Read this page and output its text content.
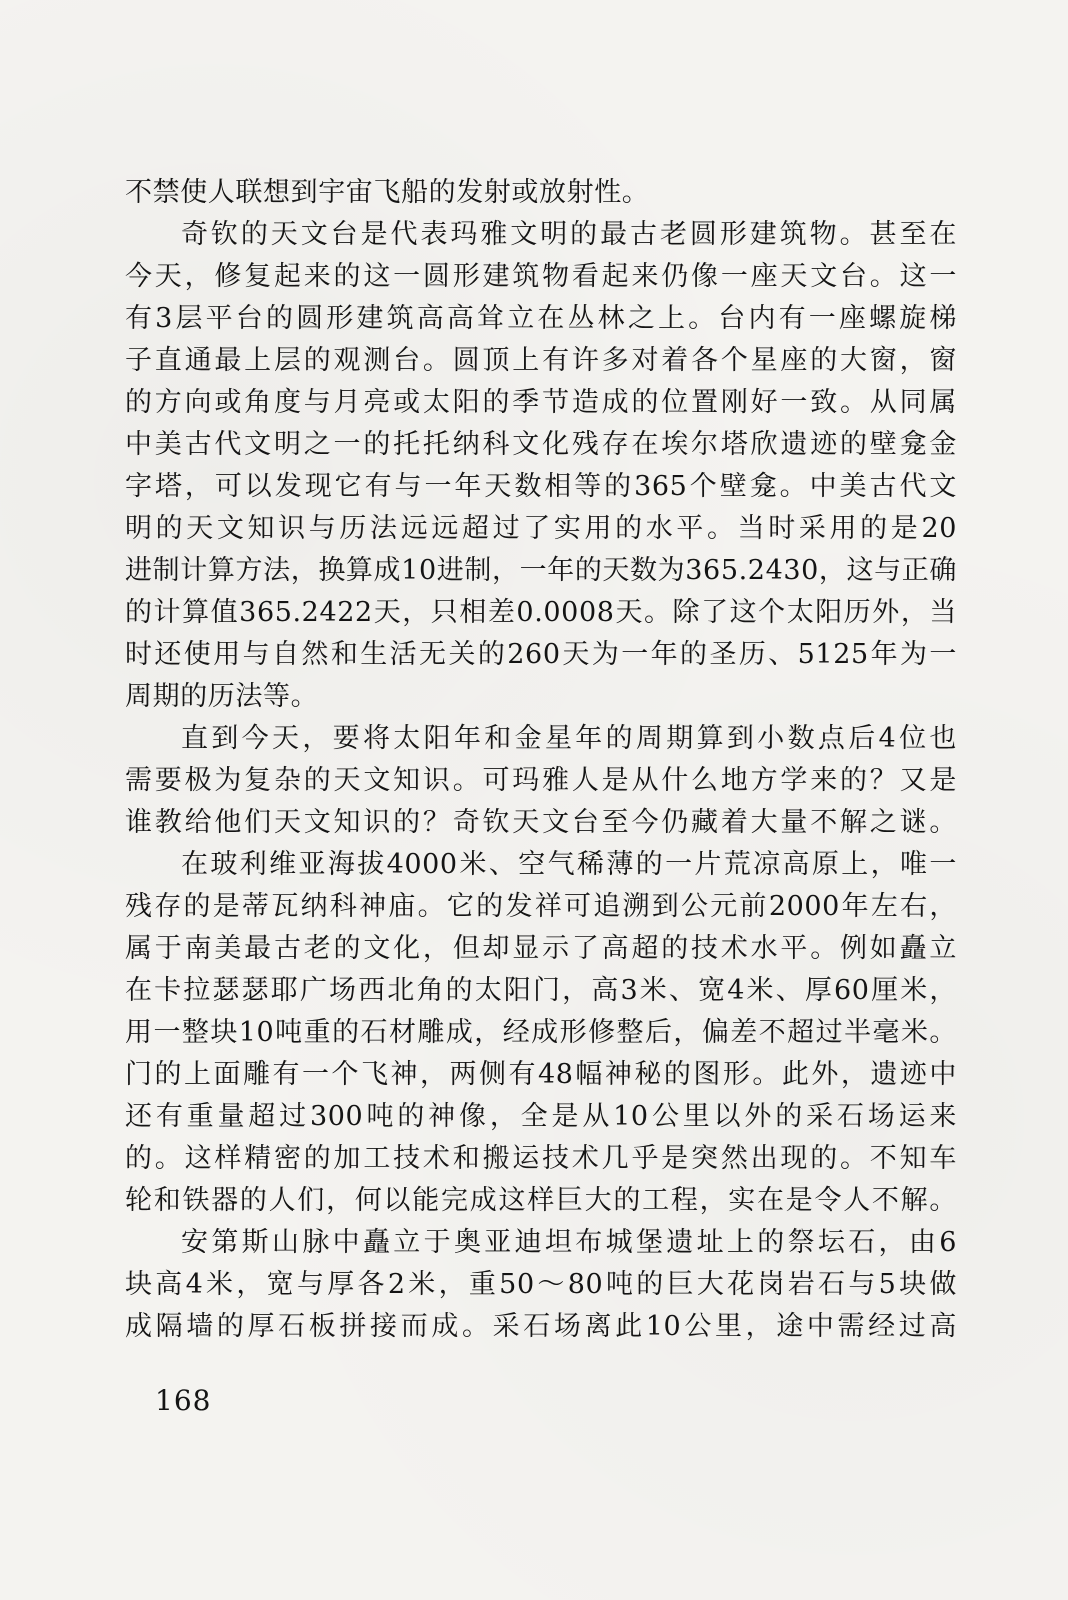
不禁使人联想到宇宙飞船的发射或放射性。
奇钦的天文台是代表玛雅文明的最古老圆形建筑物。甚至在
今天，修复起来的这一圆形建筑物看起来仍像一座天文台。这一
有3层平台的圆形建筑高高耸立在丛林之上。台内有一座螺旋梯
子直通最上层的观测台。圆顶上有许多对着各个星座的大窗，窗
的方向或角度与月亮或太阳的季节造成的位置刚好一致。从同属
中美古代文明之一的托托纳科文化残存在埃尔塔欣遗迹的壁龛金
字塔，可以发现它有与一年天数相等的365个壁龛。中美古代文
明的天文知识与历法远远超过了实用的水平。当时采用的是20
进制计算方法，换算成10进制，一年的天数为365.2430，这与正确
的计算值365.2422天，只相差0.0008天。除了这个太阳历外，当
时还使用与自然和生活无关的260天为一年的圣历、5125年为一
周期的历法等。
直到今天，要将太阳年和金星年的周期算到小数点后4位也
需要极为复杂的天文知识。可玛雅人是从什么地方学来的？又是
谁教给他们天文知识的？奇钦天文台至今仍藏着大量不解之谜。
在玻利维亚海拔4000米、空气稀薄的一片荒凉高原上，唯一
残存的是蒂瓦纳科神庙。它的发祥可追溯到公元前2000年左右，
属于南美最古老的文化，但却显示了高超的技术水平。例如矗立
在卡拉瑟瑟耶广场西北角的太阳门，高3米、宽4米、厚60厘米，
用一整块10吨重的石材雕成，经成形修整后，偏差不超过半毫米。
门的上面雕有一个飞神，两侧有48幅神秘的图形。此外，遗迹中
还有重量超过300吨的神像，全是从10公里以外的采石场运来
的。这样精密的加工技术和搬运技术几乎是突然出现的。不知车
轮和铁器的人们，何以能完成这样巨大的工程，实在是令人不解。
安第斯山脉中矗立于奥亚迪坦布城堡遗址上的祭坛石，由6
块高4米，宽与厚各2米，重50～80吨的巨大花岗岩石与5块做
成隔墙的厚石板拼接而成。采石场离此10公里，途中需经过高
168
